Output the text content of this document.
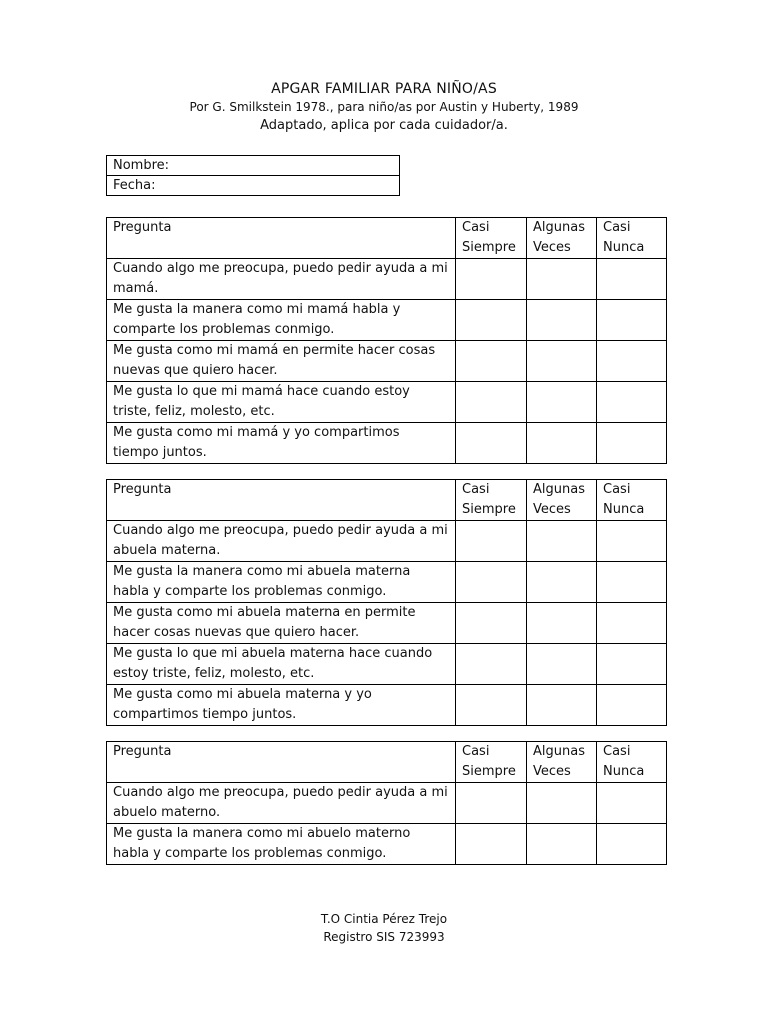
APGAR FAMILIAR PARA NIÑO/AS
Por G. Smilkstein 1978., para niño/as por Austin y Huberty, 1989
Adaptado, aplica por cada cuidador/a.
Nombre:
Fecha:
Pregunta	Casi Siempre	Algunas Veces	Casi Nunca
Cuando algo me preocupa, puedo pedir ayuda a mi mamá.			
Me gusta la manera como mi mamá habla y comparte los problemas conmigo.			
Me gusta como mi mamá en permite hacer cosas nuevas que quiero hacer.			
Me gusta lo que mi mamá hace cuando estoy triste, feliz, molesto, etc.			
Me gusta como mi mamá y yo compartimos tiempo juntos.			
Pregunta	Casi Siempre	Algunas Veces	Casi Nunca
Cuando algo me preocupa, puedo pedir ayuda a mi abuela materna.			
Me gusta la manera como mi abuela materna habla y comparte los problemas conmigo.			
Me gusta como mi abuela materna en permite hacer cosas nuevas que quiero hacer.			
Me gusta lo que mi abuela materna hace cuando estoy triste, feliz, molesto, etc.			
Me gusta como mi abuela materna y yo compartimos tiempo juntos.			
Pregunta	Casi Siempre	Algunas Veces	Casi Nunca
Cuando algo me preocupa, puedo pedir ayuda a mi abuelo materno.			
Me gusta la manera como mi abuelo materno habla y comparte los problemas conmigo.			
T.O Cintia Pérez Trejo
Registro SIS 723993
